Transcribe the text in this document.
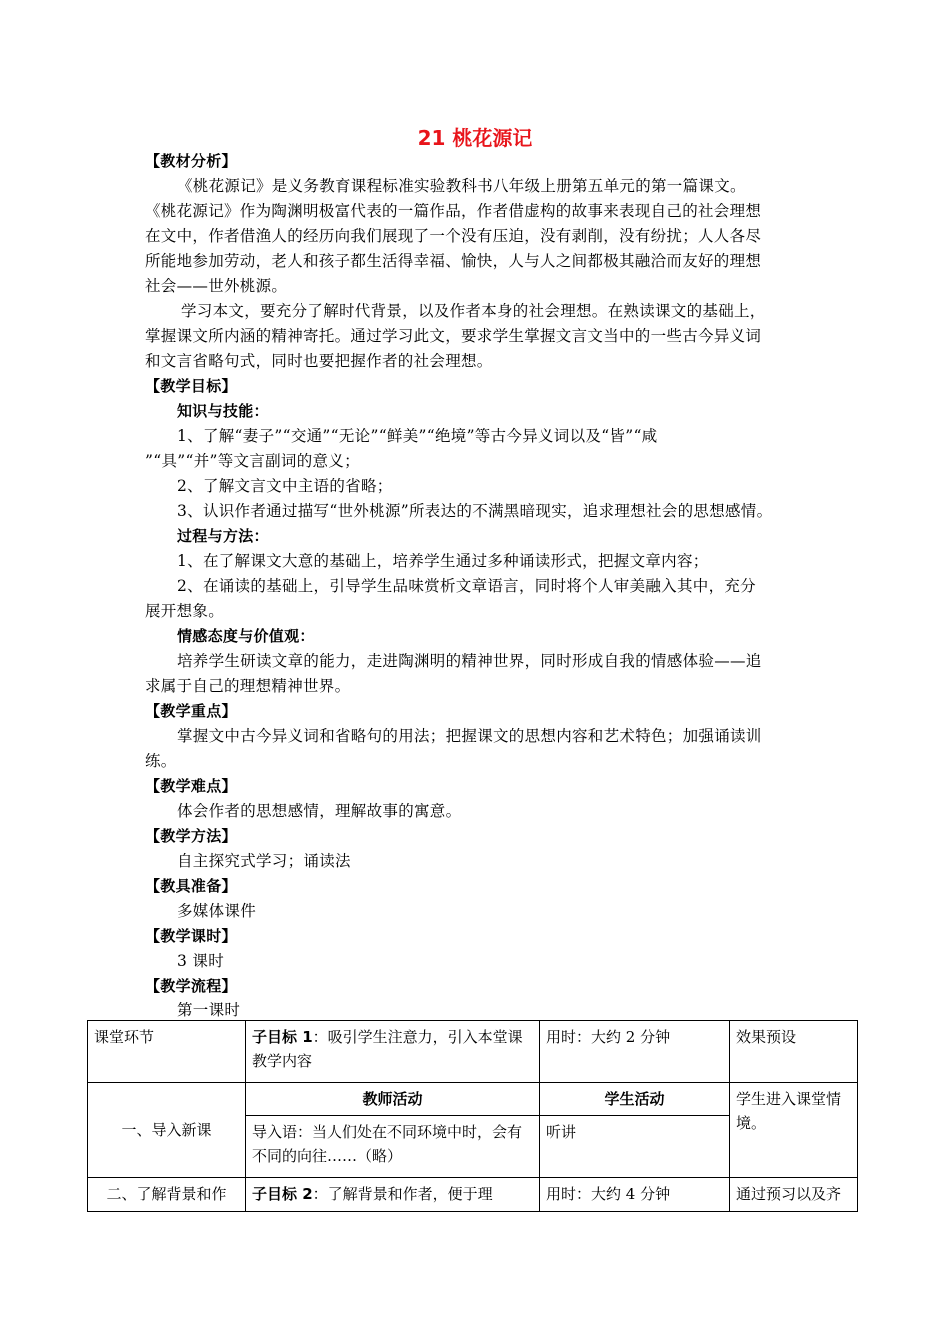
21 桃花源记
【教材分析】
《桃花源记》是义务教育课程标准实验教科书八年级上册第五单元的第一篇课文。
《桃花源记》作为陶渊明极富代表的一篇作品，作者借虚构的故事来表现自己的社会理想
在文中，作者借渔人的经历向我们展现了一个没有压迫，没有剥削，没有纷扰；人人各尽
所能地参加劳动，老人和孩子都生活得幸福、愉快，人与人之间都极其融洽而友好的理想
社会——世外桃源。
学习本文，要充分了解时代背景，以及作者本身的社会理想。在熟读课文的基础上，
掌握课文所内涵的精神寄托。通过学习此文，要求学生掌握文言文当中的一些古今异义词
和文言省略句式，同时也要把握作者的社会理想。
【教学目标】
知识与技能：
1、了解“妻子”“交通”“无论”“鲜美”“绝境”等古今异义词以及“皆”“咸
”“具”“并”等文言副词的意义；
2、了解文言文中主语的省略；
3、认识作者通过描写“世外桃源”所表达的不满黑暗现实，追求理想社会的思想感情。
过程与方法：
1、在了解课文大意的基础上，培养学生通过多种诵读形式，把握文章内容；
2、在诵读的基础上，引导学生品味赏析文章语言，同时将个人审美融入其中，充分
展开想象。
情感态度与价值观：
培养学生研读文章的能力，走进陶渊明的精神世界，同时形成自我的情感体验——追
求属于自己的理想精神世界。
【教学重点】
掌握文中古今异义词和省略句的用法；把握课文的思想内容和艺术特色；加强诵读训
练。
【教学难点】
体会作者的思想感情，理解故事的寓意。
【教学方法】
自主探究式学习；诵读法
【教具准备】
多媒体课件
【教学课时】
3 课时
【教学流程】
第一课时
课堂环节	子目标 1：吸引学生注意力，引入本堂课教学内容	用时：大约 2 分钟	效果预设
一、导入新课	教师活动	学生活动	学生进入课堂情境。
	导入语：当人们处在不同环境中时，会有不同的向往……（略）	听讲	
二、了解背景和作	子目标 2：了解背景和作者，便于理	用时：大约 4 分钟	通过预习以及齐
